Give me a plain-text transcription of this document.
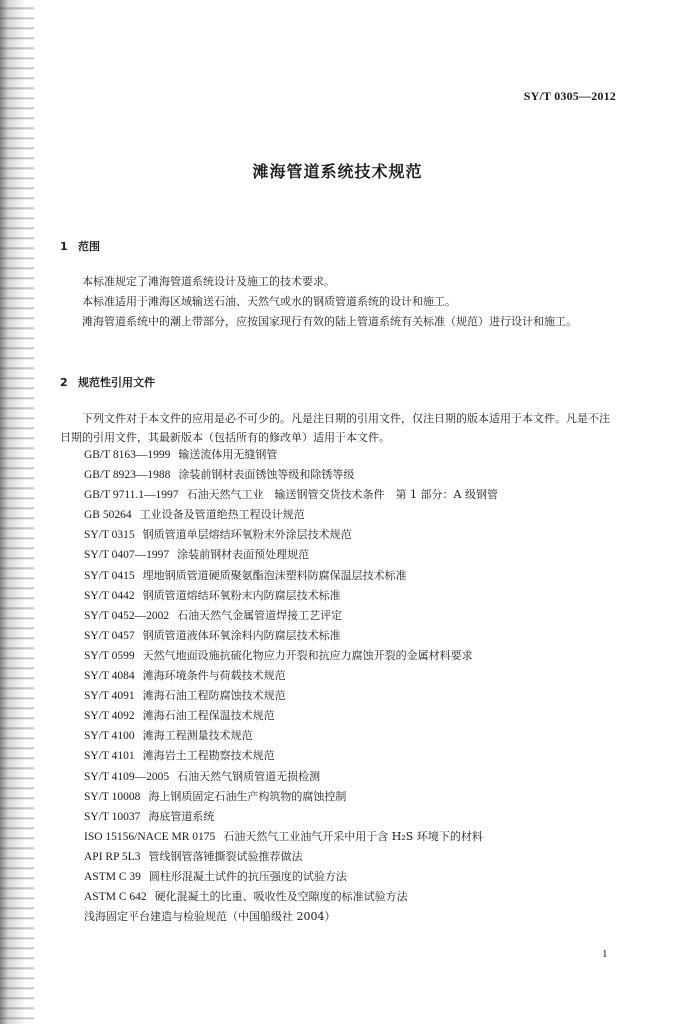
SY/T 0305—2012
滩海管道系统技术规范
1 范围
本标准规定了滩海管道系统设计及施工的技术要求。
本标准适用于滩海区域输送石油、天然气或水的钢质管道系统的设计和施工。
滩海管道系统中的潮上带部分，应按国家现行有效的陆上管道系统有关标准（规范）进行设计和施工。
2 规范性引用文件
下列文件对于本文件的应用是必不可少的。凡是注日期的引用文件，仅注日期的版本适用于本文件。凡是不注日期的引用文件，其最新版本（包括所有的修改单）适用于本文件。
GB/T 8163—1999 输送流体用无缝钢管
GB/T 8923—1988 涂装前钢材表面锈蚀等级和除锈等级
GB/T 9711.1—1997 石油天然气工业　输送钢管交货技术条件　第 1 部分：A 级钢管
GB 50264 工业设备及管道绝热工程设计规范
SY/T 0315 钢质管道单层熔结环氧粉末外涂层技术规范
SY/T 0407—1997 涂装前钢材表面预处理规范
SY/T 0415 埋地钢质管道硬质聚氨酯泡沫塑料防腐保温层技术标准
SY/T 0442 钢质管道熔结环氧粉末内防腐层技术标准
SY/T 0452—2002 石油天然气金属管道焊接工艺评定
SY/T 0457 钢质管道液体环氧涂料内防腐层技术标准
SY/T 0599 天然气地面设施抗硫化物应力开裂和抗应力腐蚀开裂的金属材料要求
SY/T 4084 滩海环境条件与荷载技术规范
SY/T 4091 滩海石油工程防腐蚀技术规范
SY/T 4092 滩海石油工程保温技术规范
SY/T 4100 滩海工程测量技术规范
SY/T 4101 滩海岩土工程勘察技术规范
SY/T 4109—2005 石油天然气钢质管道无损检测
SY/T 10008 海上钢质固定石油生产构筑物的腐蚀控制
SY/T 10037 海底管道系统
ISO 15156/NACE MR 0175 石油天然气工业油气开采中用于含 H₂S 环境下的材料
API RP 5L3 管线钢管落锤撕裂试验推荐做法
ASTM C 39 圆柱形混凝土试件的抗压强度的试验方法
ASTM C 642 硬化混凝土的比重、吸收性及空隙度的标准试验方法
浅海固定平台建造与检验规范（中国船级社 2004）
1
